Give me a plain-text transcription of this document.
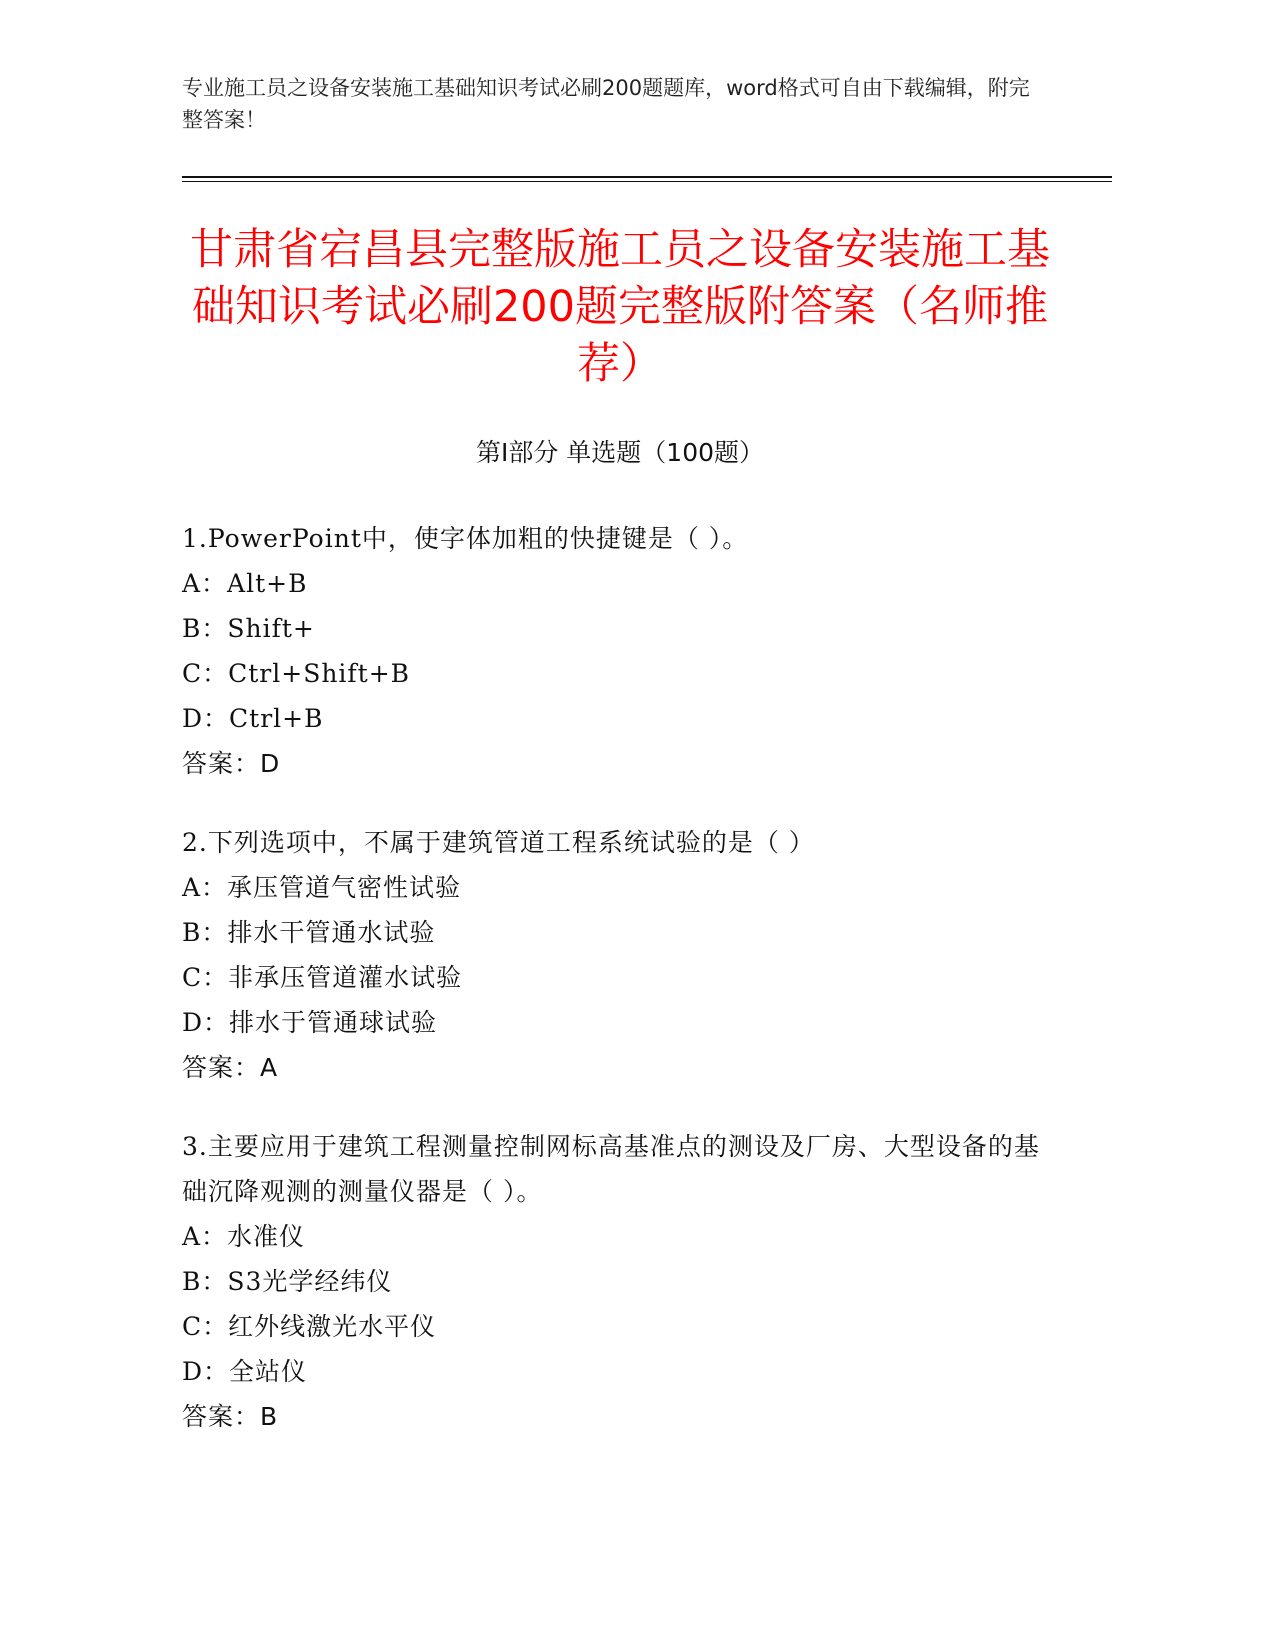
专业施工员之设备安装施工基础知识考试必刷200题题库，word格式可自由下载编辑，附完整答案！
甘肃省宕昌县完整版施工员之设备安装施工基础知识考试必刷200题完整版附答案（名师推荐）
第Ⅰ部分 单选题（100题）
1.PowerPoint中，使字体加粗的快捷键是（ ）。
A：Alt+B
B：Shift+
C：Ctrl+Shift+B
D：Ctrl+B
答案：D
2.下列选项中，不属于建筑管道工程系统试验的是（ ）
A：承压管道气密性试验
B：排水干管通水试验
C：非承压管道灌水试验
D：排水于管通球试验
答案：A
3.主要应用于建筑工程测量控制网标高基准点的测设及厂房、大型设备的基础沉降观测的测量仪器是（ ）。
A：水准仪
B：S3光学经纬仪
C：红外线激光水平仪
D：全站仪
答案：B
